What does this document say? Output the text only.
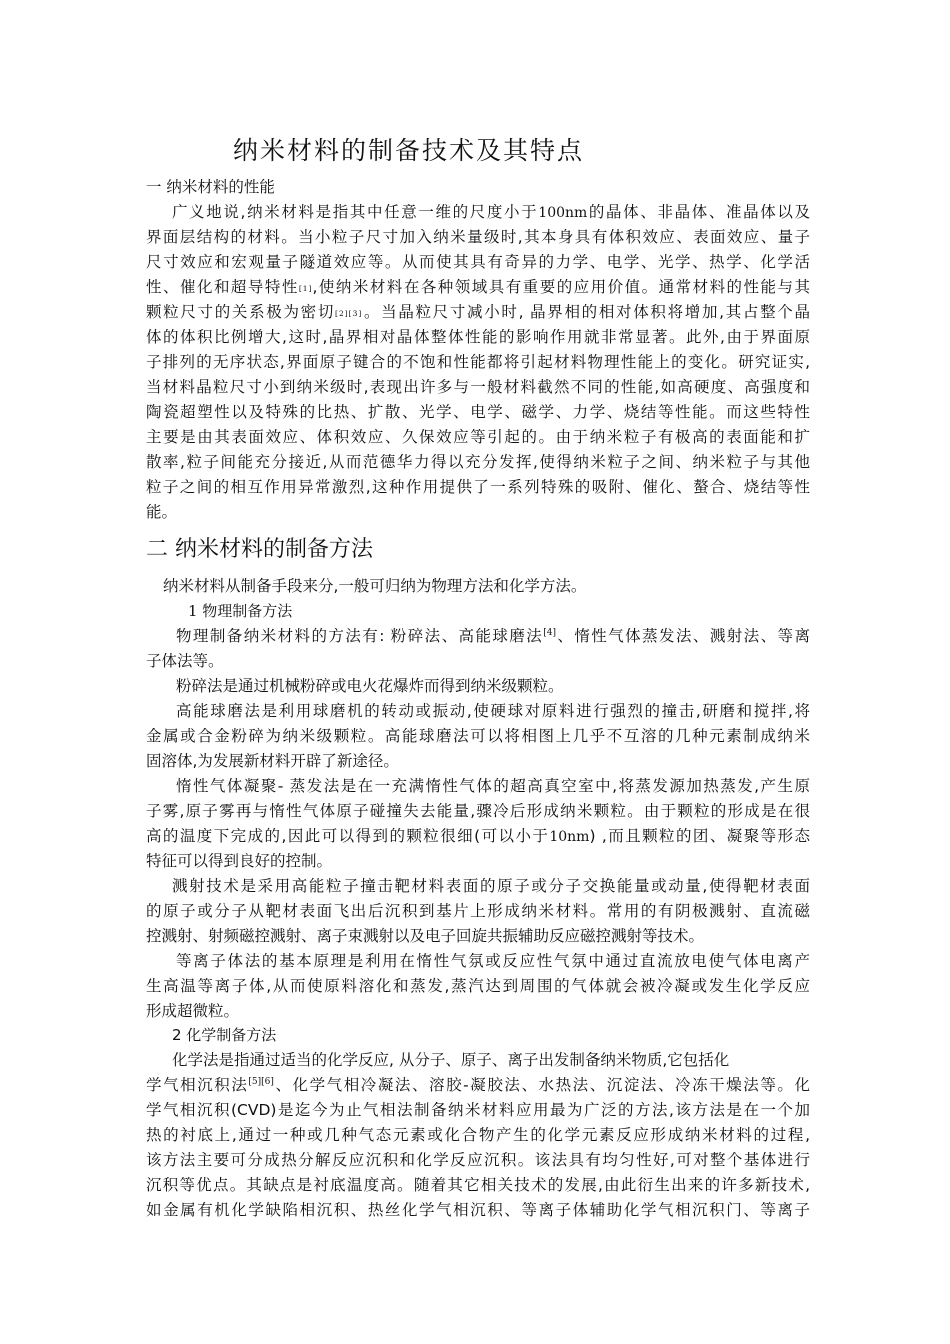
纳米材料的制备技术及其特点
一 纳米材料的性能
广义地说,纳米材料是指其中任意一维的尺度小于100nm的晶体、非晶体、准晶体以及
界面层结构的材料。当小粒子尺寸加入纳米量级时,其本身具有体积效应、表面效应、量子
尺寸效应和宏观量子隧道效应等。从而使其具有奇异的力学、电学、光学、热学、化学活
性、催化和超导特性[1],使纳米材料在各种领域具有重要的应用价值。通常材料的性能与其
颗粒尺寸的关系极为密切[2][3]。当晶粒尺寸减小时, 晶界相的相对体积将增加,其占整个晶
体的体积比例增大,这时,晶界相对晶体整体性能的影响作用就非常显著。此外,由于界面原
子排列的无序状态,界面原子键合的不饱和性能都将引起材料物理性能上的变化。研究证实,
当材料晶粒尺寸小到纳米级时,表现出许多与一般材料截然不同的性能,如高硬度、高强度和
陶瓷超塑性以及特殊的比热、扩散、光学、电学、磁学、力学、烧结等性能。而这些特性
主要是由其表面效应、体积效应、久保效应等引起的。由于纳米粒子有极高的表面能和扩
散率,粒子间能充分接近,从而范德华力得以充分发挥,使得纳米粒子之间、纳米粒子与其他
粒子之间的相互作用异常激烈,这种作用提供了一系列特殊的吸附、催化、螯合、烧结等性
能。
二 纳米材料的制备方法
纳米材料从制备手段来分,一般可归纳为物理方法和化学方法。
1 物理制备方法
物理制备纳米材料的方法有: 粉碎法、高能球磨法[4]、惰性气体蒸发法、溅射法、等离
子体法等。
粉碎法是通过机械粉碎或电火花爆炸而得到纳米级颗粒。
高能球磨法是利用球磨机的转动或振动,使硬球对原料进行强烈的撞击,研磨和搅拌,将
金属或合金粉碎为纳米级颗粒。高能球磨法可以将相图上几乎不互溶的几种元素制成纳米
固溶体,为发展新材料开辟了新途径。
惰性气体凝聚- 蒸发法是在一充满惰性气体的超高真空室中,将蒸发源加热蒸发,产生原
子雾,原子雾再与惰性气体原子碰撞失去能量,骤冷后形成纳米颗粒。由于颗粒的形成是在很
高的温度下完成的,因此可以得到的颗粒很细(可以小于10nm) ,而且颗粒的团、凝聚等形态
特征可以得到良好的控制。
溅射技术是采用高能粒子撞击靶材料表面的原子或分子交换能量或动量,使得靶材表面
的原子或分子从靶材表面飞出后沉积到基片上形成纳米材料。常用的有阴极溅射、直流磁
控溅射、射频磁控溅射、离子束溅射以及电子回旋共振辅助反应磁控溅射等技术。
等离子体法的基本原理是利用在惰性气氛或反应性气氛中通过直流放电使气体电离产
生高温等离子体,从而使原料溶化和蒸发,蒸汽达到周围的气体就会被冷凝或发生化学反应
形成超微粒。
2 化学制备方法
化学法是指通过适当的化学反应, 从分子、原子、离子出发制备纳米物质,它包括化
学气相沉积法[5][6]、化学气相冷凝法、溶胶-凝胶法、水热法、沉淀法、冷冻干燥法等。化
学气相沉积(CVD)是迄今为止气相法制备纳米材料应用最为广泛的方法,该方法是在一个加
热的衬底上,通过一种或几种气态元素或化合物产生的化学元素反应形成纳米材料的过程,
该方法主要可分成热分解反应沉积和化学反应沉积。该法具有均匀性好,可对整个基体进行
沉积等优点。其缺点是衬底温度高。随着其它相关技术的发展,由此衍生出来的许多新技术,
如金属有机化学缺陷相沉积、热丝化学气相沉积、等离子体辅助化学气相沉积门、等离子
